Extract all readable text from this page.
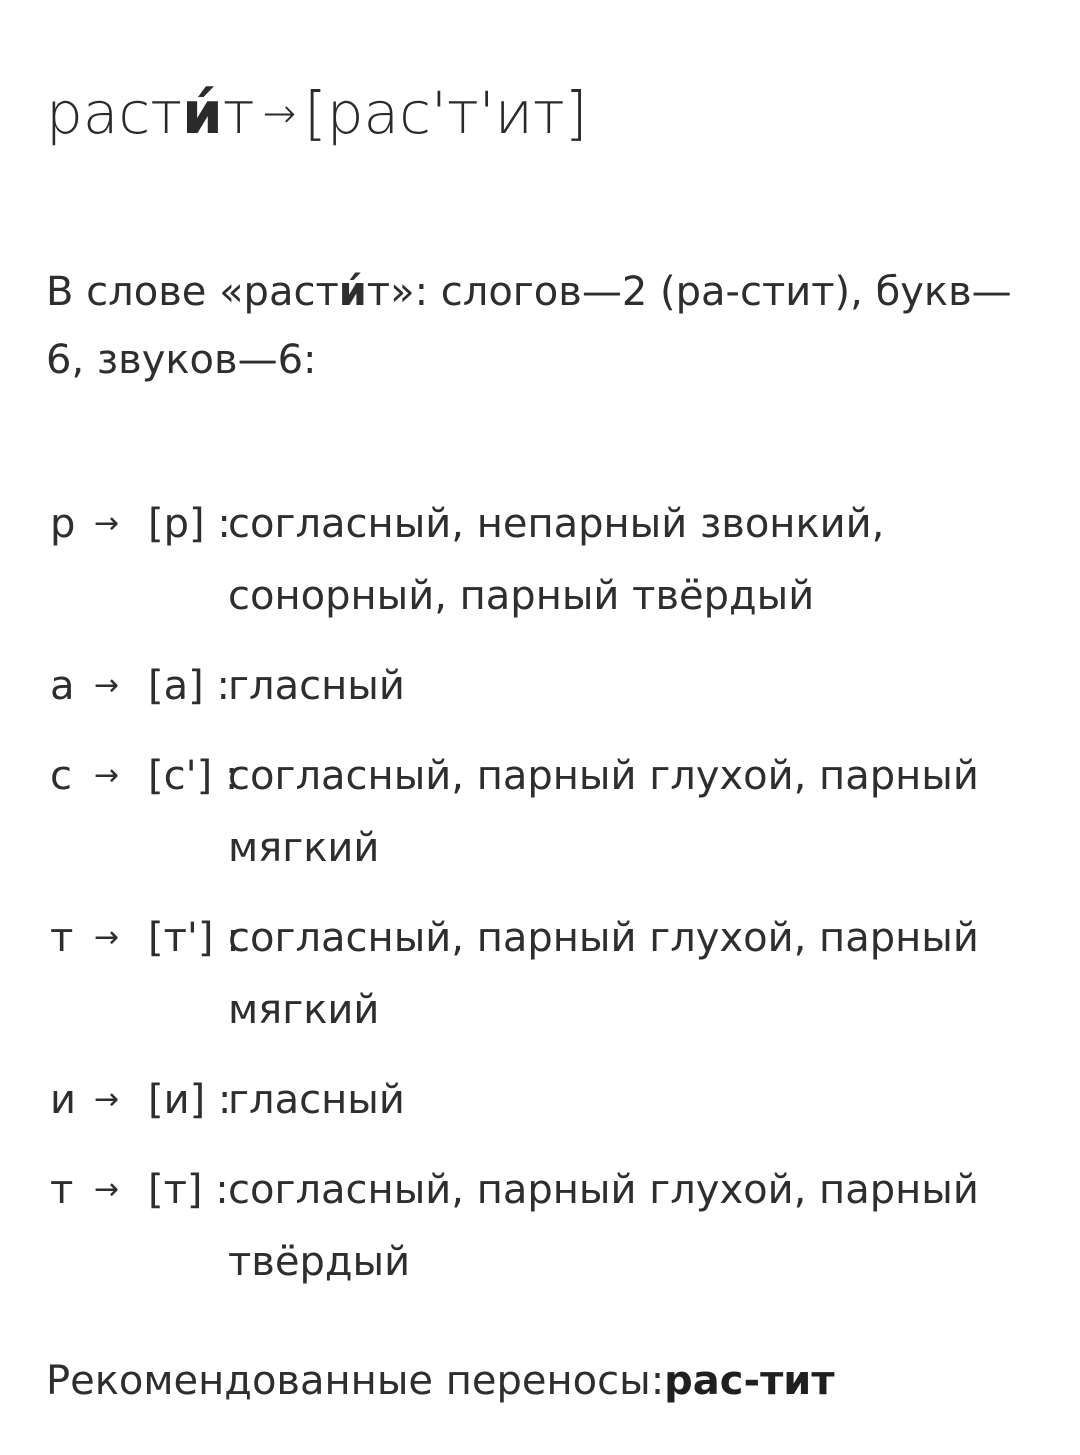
расти́т → [рас'т'ит]
В слове «расти́т»: слогов—2 (ра-стит), букв—6, звуков—6:
р → [р] :
согласный, непарный звонкий, сонорный, парный твёрдый
а → [а] :
гласный
с → [с'] :
согласный, парный глухой, парный мягкий
т → [т'] :
согласный, парный глухой, парный мягкий
и → [и] :
гласный
т → [т] : согласный, парный глухой, парный твёрдый
Рекомендованные переносы:рас-тит
